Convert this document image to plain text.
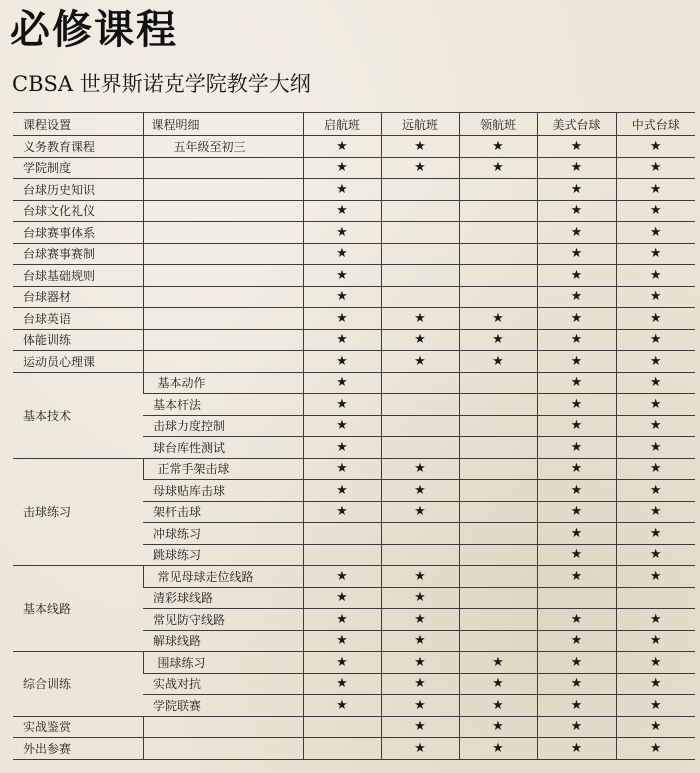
必修课程
CBSA 世界斯诺克学院教学大纲
课程设置	课程明细	启航班	远航班	领航班	美式台球	中式台球
义务教育课程	五年级至初三	★	★	★	★	★
学院制度		★	★	★	★	★
台球历史知识		★			★	★
台球文化礼仪		★			★	★
台球赛事体系		★			★	★
台球赛事赛制		★			★	★
台球基础规则		★			★	★
台球器材		★			★	★
台球英语		★	★	★	★	★
体能训练		★	★	★	★	★
运动员心理课		★	★	★	★	★
基本技术	基本动作	★			★	★
	基本杆法	★			★	★
	击球力度控制	★			★	★
	球台库性测试	★			★	★
击球练习	正常手架击球	★	★		★	★
	母球贴库击球	★	★		★	★
	架杆击球	★	★		★	★
	冲球练习				★	★
	跳球练习				★	★
基本线路	常见母球走位线路	★	★		★	★
	清彩球线路	★	★			
	常见防守线路	★	★		★	★
	解球线路	★	★		★	★
综合训练	围球练习	★	★	★	★	★
	实战对抗	★	★	★	★	★
	学院联赛	★	★	★	★	★
实战鉴赏			★	★	★	★
外出参赛			★	★	★	★
